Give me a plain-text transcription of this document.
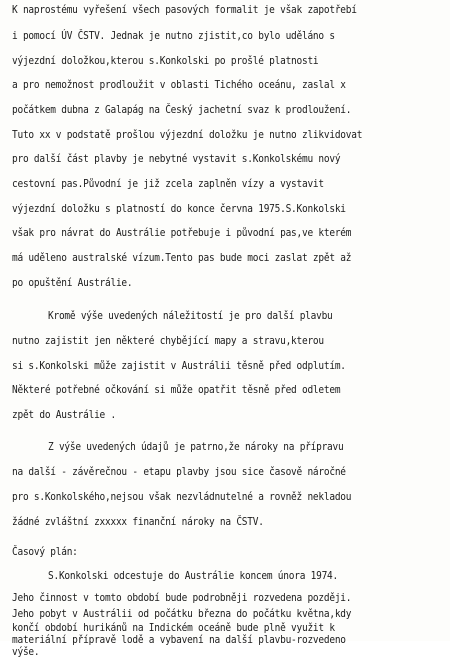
K naprostému vyřešení všech pasových formalit je však zapotřebí
i pomocí ÚV ČSTV. Jednak je nutno zjistit,co bylo uděláno s
výjezdní doložkou,kterou s.Konkolski po prošlé platnosti
a pro nemožnost prodloužit v oblasti Tichého oceánu, zaslal x
počátkem dubna z Galapág na Český jachetní svaz k prodloužení.
Tuto xx v podstatě prošlou výjezdní doložku je nutno zlikvidovat
pro další část plavby je nebytné vystavit s.Konkolskému nový
cestovní pas.Původní je již zcela zaplněn vízy a vystavit
výjezdní doložku s platností do konce června 1975.S.Konkolski
však pro návrat do Austrálie potřebuje i původní pas,ve kterém
má uděleno australské vízum.Tento pas bude moci zaslat zpět až
po opuštění Austrálie.
Kromě výše uvedených náležitostí je pro další plavbu
nutno zajistit jen některé chybějící mapy a stravu,kterou
si s.Konkolski může zajistit v Austrálii těsně před odplutím.
Některé potřebné očkování si může opatřit těsně před odletem
zpět do Austrálie .
Z výše uvedených údajů je patrno,že nároky na přípravu
na další - závěrečnou - etapu plavby jsou sice časově náročné
pro s.Konkolského,nejsou však nezvládnutelné a rovněž nekladou
žádné zvláštní zxxxxx finanční nároky na ČSTV.
Časový plán:
S.Konkolski odcestuje do Austrálie koncem února 1974.
Jeho činnost v tomto období bude podrobněji rozvedena později.
Jeho pobyt v Austrálii od počátku března do počátku května,kdy
končí období hurikánů na Indickém oceáně bude plně využit k
materiální přípravě lodě a vybavení na další plavbu-rozvedeno
výše.
